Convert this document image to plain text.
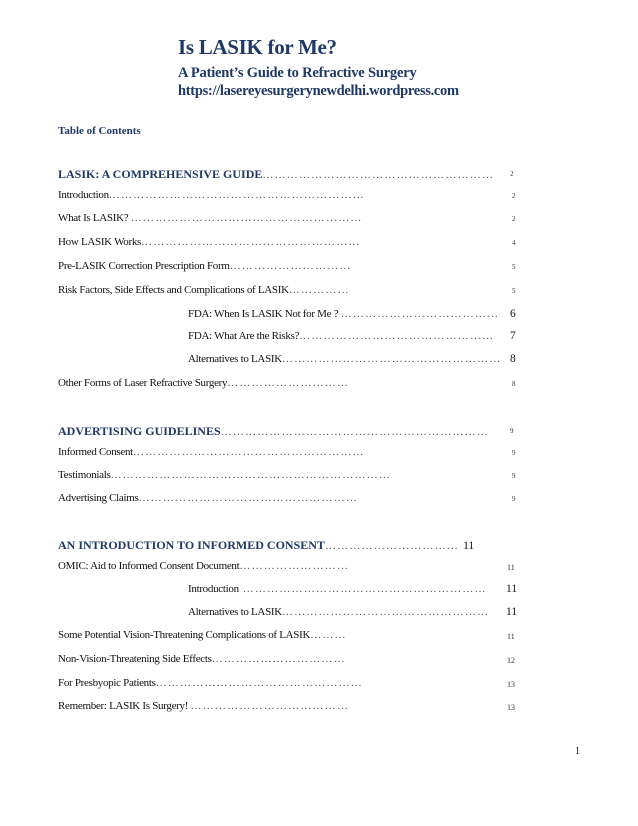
Is LASIK for Me?
A Patient’s Guide to Refractive Surgery
https://lasereyesurgerynewdelhi.wordpress.com
Table of Contents
LASIK: A COMPREHENSIVE GUIDE………………………………………………… 2
Introduction………………………………………………………	2
What Is LASIK? …………………………………………………	2
How LASIK Works………………………………………………	4
Pre-LASIK Correction Prescription Form…………………………	5
Risk Factors, Side Effects and Complications of LASIK……………	5
FDA: When Is LASIK Not for Me ? ………………………………… 6
FDA: What Are the Risks?………………………………………… 7
Alternatives to LASIK……………………………………………… 8
Other Forms of Laser Refractive Surgery…………………………	8
ADVERTISING GUIDELINES…………………………………………………………	9
Informed Consent…………………………………………………	9
Testimonials……………………………………………………………	9
Advertising Claims………………………………………………	9
AN INTRODUCTION TO INFORMED CONSENT…………………………… 11
OMIC: Aid to Informed Consent Document………………………	11
Introduction …………………………………………………… 11
Alternatives to LASIK…………………………………………… 11
Some Potential Vision-Threatening Complications of LASIK………	11
Non-Vision-Threatening Side Effects……………………………	12
For Presbyopic Patients……………………………………………	13
Remember: LASIK Is Surgery! …………………………………	13
1
